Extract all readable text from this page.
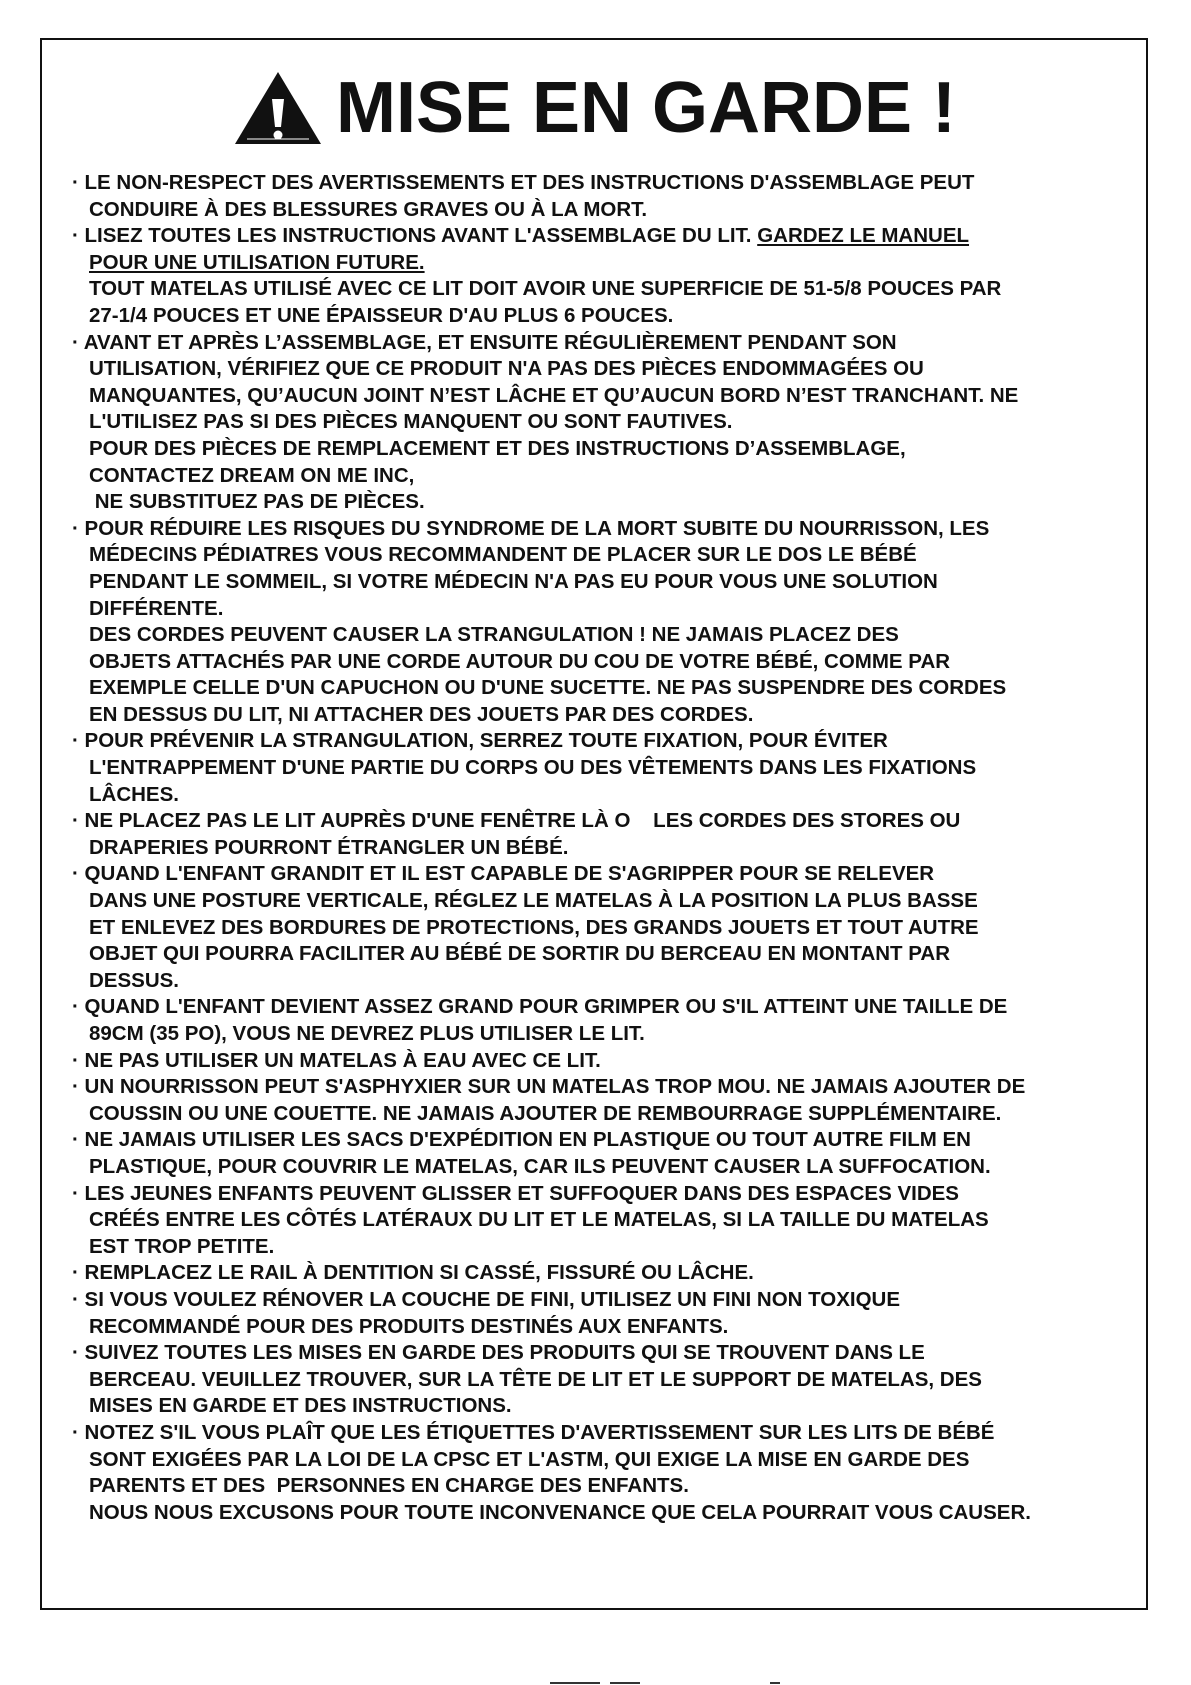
MISE EN GARDE !
· LE NON-RESPECT DES AVERTISSEMENTS ET DES INSTRUCTIONS D'ASSEMBLAGE PEUT
CONDUIRE À DES BLESSURES GRAVES OU À LA MORT.
· LISEZ TOUTES LES INSTRUCTIONS AVANT L'ASSEMBLAGE DU LIT. GARDEZ LE MANUEL
POUR UNE UTILISATION FUTURE.
TOUT MATELAS UTILISÉ AVEC CE LIT DOIT AVOIR UNE SUPERFICIE DE 51-5/8 POUCES PAR
27-1/4 POUCES ET UNE ÉPAISSEUR D'AU PLUS 6 POUCES.
· AVANT ET APRÈS L’ASSEMBLAGE, ET ENSUITE RÉGULIÈREMENT PENDANT SON
UTILISATION, VÉRIFIEZ QUE CE PRODUIT N'A PAS DES PIÈCES ENDOMMAGÉES OU
MANQUANTES, QU’AUCUN JOINT N’EST LÂCHE ET QU’AUCUN BORD N’EST TRANCHANT. NE
L'UTILISEZ PAS SI DES PIÈCES MANQUENT OU SONT FAUTIVES.
POUR DES PIÈCES DE REMPLACEMENT ET DES INSTRUCTIONS D’ASSEMBLAGE,
CONTACTEZ DREAM ON ME INC,
NE SUBSTITUEZ PAS DE PIÈCES.
· POUR RÉDUIRE LES RISQUES DU SYNDROME DE LA MORT SUBITE DU NOURRISSON, LES
MÉDECINS PÉDIATRES VOUS RECOMMANDENT DE PLACER SUR LE DOS LE BÉBÉ
PENDANT LE SOMMEIL, SI VOTRE MÉDECIN N'A PAS EU POUR VOUS UNE SOLUTION
DIFFÉRENTE.
DES CORDES PEUVENT CAUSER LA STRANGULATION ! NE JAMAIS PLACEZ DES
OBJETS ATTACHÉS PAR UNE CORDE AUTOUR DU COU DE VOTRE BÉBÉ, COMME PAR
EXEMPLE CELLE D'UN CAPUCHON OU D'UNE SUCETTE. NE PAS SUSPENDRE DES CORDES
EN DESSUS DU LIT, NI ATTACHER DES JOUETS PAR DES CORDES.
· POUR PRÉVENIR LA STRANGULATION, SERREZ TOUTE FIXATION, POUR ÉVITER
L'ENTRAPPEMENT D'UNE PARTIE DU CORPS OU DES VÊTEMENTS DANS LES FIXATIONS
LÂCHES.
· NE PLACEZ PAS LE LIT AUPRÈS D'UNE FENÊTRE LÀ O    LES CORDES DES STORES OU
DRAPERIES POURRONT ÉTRANGLER UN BÉBÉ.
· QUAND L'ENFANT GRANDIT ET IL EST CAPABLE DE S'AGRIPPER POUR SE RELEVER
DANS UNE POSTURE VERTICALE, RÉGLEZ LE MATELAS À LA POSITION LA PLUS BASSE
ET ENLEVEZ DES BORDURES DE PROTECTIONS, DES GRANDS JOUETS ET TOUT AUTRE
OBJET QUI POURRA FACILITER AU BÉBÉ DE SORTIR DU BERCEAU EN MONTANT PAR
DESSUS.
· QUAND L'ENFANT DEVIENT ASSEZ GRAND POUR GRIMPER OU S'IL ATTEINT UNE TAILLE DE
89CM (35 PO), VOUS NE DEVREZ PLUS UTILISER LE LIT.
· NE PAS UTILISER UN MATELAS À EAU AVEC CE LIT.
· UN NOURRISSON PEUT S'ASPHYXIER SUR UN MATELAS TROP MOU. NE JAMAIS AJOUTER DE
COUSSIN OU UNE COUETTE. NE JAMAIS AJOUTER DE REMBOURRAGE SUPPLÉMENTAIRE.
· NE JAMAIS UTILISER LES SACS D'EXPÉDITION EN PLASTIQUE OU TOUT AUTRE FILM EN
PLASTIQUE, POUR COUVRIR LE MATELAS, CAR ILS PEUVENT CAUSER LA SUFFOCATION.
· LES JEUNES ENFANTS PEUVENT GLISSER ET SUFFOQUER DANS DES ESPACES VIDES
CRÉÉS ENTRE LES CÔTÉS LATÉRAUX DU LIT ET LE MATELAS, SI LA TAILLE DU MATELAS
EST TROP PETITE.
· REMPLACEZ LE RAIL À DENTITION SI CASSÉ, FISSURÉ OU LÂCHE.
· SI VOUS VOULEZ RÉNOVER LA COUCHE DE FINI, UTILISEZ UN FINI NON TOXIQUE
RECOMMANDÉ POUR DES PRODUITS DESTINÉS AUX ENFANTS.
· SUIVEZ TOUTES LES MISES EN GARDE DES PRODUITS QUI SE TROUVENT DANS LE
BERCEAU. VEUILLEZ TROUVER, SUR LA TÊTE DE LIT ET LE SUPPORT DE MATELAS, DES
MISES EN GARDE ET DES INSTRUCTIONS.
· NOTEZ S'IL VOUS PLAÎT QUE LES ÉTIQUETTES D'AVERTISSEMENT SUR LES LITS DE BÉBÉ
SONT EXIGÉES PAR LA LOI DE LA CPSC ET L'ASTM, QUI EXIGE LA MISE EN GARDE DES
PARENTS ET DES  PERSONNES EN CHARGE DES ENFANTS.
NOUS NOUS EXCUSONS POUR TOUTE INCONVENANCE QUE CELA POURRAIT VOUS CAUSER.
